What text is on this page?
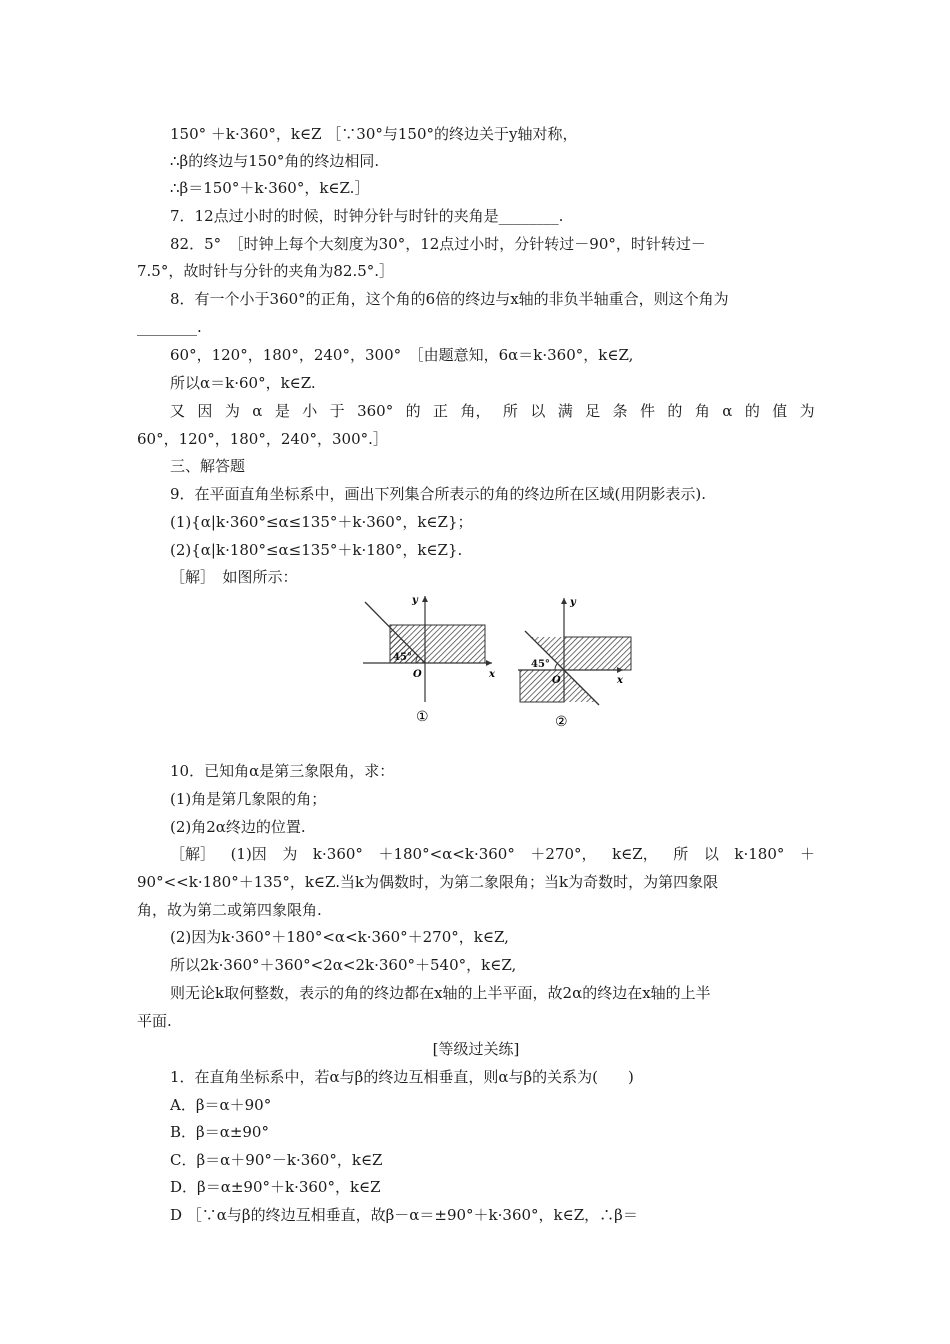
150° ＋k·360°，k∈Z ［∵30°与150°的终边关于y轴对称，
∴β的终边与150°角的终边相同.
∴β＝150°＋k·360°，k∈Z.］
7．12点过小时的时候，时钟分针与时针的夹角是________.
82．5°　［时钟上每个大刻度为30°，12点过小时，分针转过－90°，时针转过－
7.5°，故时针与分针的夹角为82.5°.］
8．有一个小于360°的正角，这个角的6倍的终边与x轴的非负半轴重合，则这个角为
________.
60°，120°，180°，240°，300°　［由题意知，6α＝k·360°，k∈Z,
所以α＝k·60°，k∈Z.
又 因 为 α 是 小 于 360° 的 正 角， 所 以 满 足 条 件 的 角 α 的 值 为
60°，120°，180°，240°，300°.］
三、解答题
9．在平面直角坐标系中，画出下列集合所表示的角的终边所在区域(用阴影表示).
(1){α|k·360°≤α≤135°＋k·360°，k∈Z}；
(2){α|k·180°≤α≤135°＋k·180°，k∈Z}.
［解］　如图所示：
y
x
O
45°
①
y
x
O
45°
②
10．已知角α是第三象限角，求：
(1)角是第几象限的角；
(2)角2α终边的位置.
［解］ (1)因 为 k·360° ＋180°<α<k·360° ＋270°， k∈Z， 所 以 k·180° ＋
90°<<k·180°＋135°，k∈Z.当k为偶数时，为第二象限角；当k为奇数时，为第四象限
角，故为第二或第四象限角.
(2)因为k·360°＋180°<α<k·360°＋270°，k∈Z,
所以2k·360°＋360°<2α<2k·360°＋540°，k∈Z,
则无论k取何整数，表示的角的终边都在x轴的上半平面，故2α的终边在x轴的上半
平面.
[等级过关练]
1．在直角坐标系中，若α与β的终边互相垂直，则α与β的关系为(　　)
A．β＝α＋90°
B．β＝α±90°
C．β＝α＋90°－k·360°，k∈Z
D．β＝α±90°＋k·360°，k∈Z
D ［∵α与β的终边互相垂直，故β－α＝±90°＋k·360°，k∈Z，∴β＝
